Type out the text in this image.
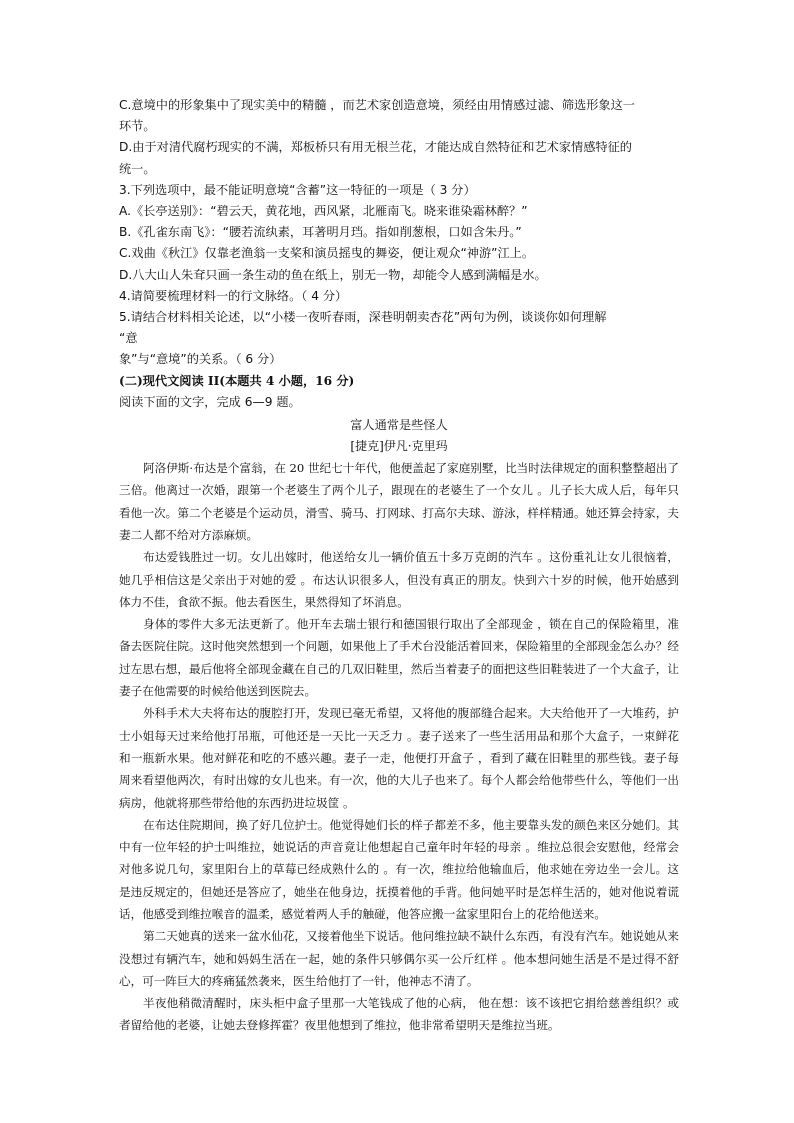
C.意境中的形象集中了现实美中的精髓 ，而艺术家创造意境，须经由用情感过滤、筛选形象这一
环节。
D.由于对清代腐朽现实的不满，郑板桥只有用无根兰花，才能达成自然特征和艺术家情感特征的
统一。
3.下列选项中，最不能证明意境“含蓄”这一特征的一项是（ 3 分）
A.《长亭送别》：“碧云天，黄花地，西风紧，北雁南飞。晓来谁染霜林醉？”
B.《孔雀东南飞》：“腰若流纨素，耳著明月珰。指如削葱根，口如含朱丹。”
C.戏曲《秋江》仅靠老渔翁一支桨和演员摇曳的舞姿，便让观众“神游”江上。
D.八大山人朱耷只画一条生动的鱼在纸上，别无一物，却能令人感到满幅是水。
4.请简要梳理材料一的行文脉络。（ 4 分）
5.请结合材料相关论述，以“小楼一夜听春雨，深巷明朝卖杏花”两句为例，谈谈你如何理解
“意
象”与“意境”的关系。（ 6 分）
(二)现代文阅读 II(本题共 4 小题，16 分)
阅读下面的文字，完成 6—9 题。
富人通常是些怪人
[捷克]伊凡·克里玛

阿洛伊斯·布达是个富翁，在 20 世纪七十年代，他便盖起了家庭别墅，比当时法律规定的面积整整超出了三倍。他离过一次婚，跟第一个老婆生了两个儿子，跟现在的老婆生了一个女儿 。儿子长大成人后，每年只看他一次。第二个老婆是个运动员，滑雪、骑马、打网球、打高尔夫球、游泳，样样精通。她还算会持家，夫妻二人都不给对方添麻烦。

布达爱钱胜过一切。女儿出嫁时，他送给女儿一辆价值五十多万克朗的汽车 。这份重礼让女儿很恼着，她几乎相信这是父亲出于对她的爱 。布达认识很多人，但没有真正的朋友。快到六十岁的时候，他开始感到体力不佳，食欲不振。他去看医生，果然得知了坏消息。

身体的零件大多无法更新了。他开车去瑞士银行和德国银行取出了全部现金 ，锁在自己的保险箱里，准备去医院住院。这时他突然想到一个问题，如果他上了手术台没能活着回来，保险箱里的全部现金怎么办？经过左思右想，最后他将全部现金藏在自己的几双旧鞋里，然后当着妻子的面把这些旧鞋装进了一个大盒子，让妻子在他需要的时候给他送到医院去。

外科手术大夫将布达的腹腔打开，发现已毫无希望，又将他的腹部缝合起来。大夫给他开了一大堆药，护士小姐每天过来给他打吊瓶，可他还是一天比一天乏力 。妻子送来了一些生活用品和那个大盒子，一束鲜花和一瓶新水果。他对鲜花和吃的不感兴趣。妻子一走，他便打开盒子 ，看到了藏在旧鞋里的那些钱。妻子每周来看望他两次，有时出嫁的女儿也来。有一次，他的大儿子也来了。每个人都会给他带些什么，等他们一出病房，他就将那些带给他的东西扔进垃圾筐 。

在布达住院期间，换了好几位护士。他觉得她们长的样子都差不多，他主要靠头发的颜色来区分她们。其中有一位年轻的护士叫维拉，她说话的声音竟让他想起自己童年时年轻的母亲 。维拉总很会安慰他，经常会对他多说几句，家里阳台上的草莓已经成熟什么的 。有一次，维拉给他输血后，他求她在旁边坐一会儿。这是违反规定的，但她还是答应了，她坐在他身边，抚摸着他的手背。他问她平时是怎样生活的，她对他说着谎话，他感受到维拉喉音的温柔，感觉着两人手的触碰，他答应搬一盆家里阳台上的花给他送来。

第二天她真的送来一盆水仙花，又接着他坐下说话。他问维拉缺不缺什么东西，有没有汽车。她说她从来没想过有辆汽车，她和妈妈生活在一起，她的条件只够偶尔买一公斤红样 。他本想问她生活是不是过得不舒心，可一阵巨大的疼痛猛然袭来，医生给他打了一针，他神志不清了。

半夜他稍微清醒时，床头柜中盒子里那一大笔钱成了他的心病， 他在想：该不该把它捐给慈善组织？或者留给他的老婆，让她去登修挥霍？夜里他想到了维拉，他非常希望明天是维拉当班。
